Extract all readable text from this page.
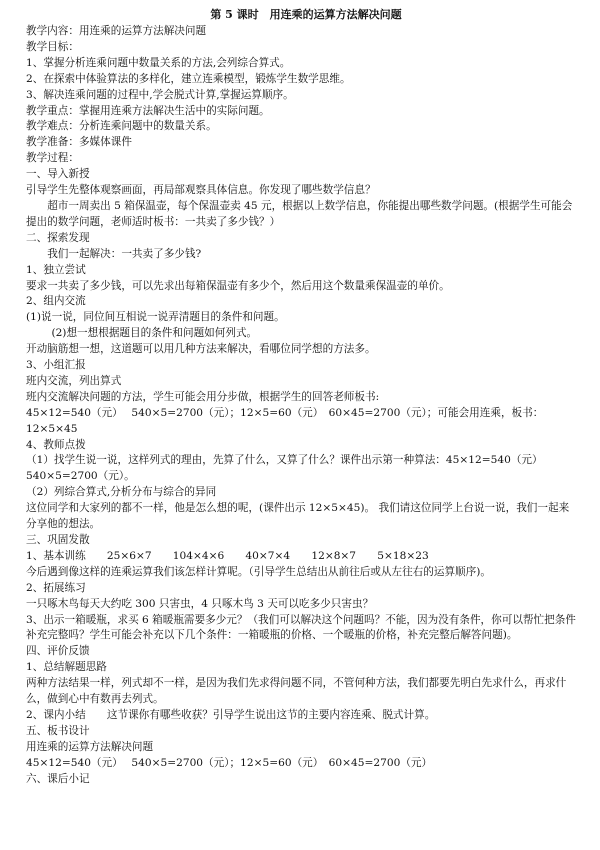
第 5 课时　用连乘的运算方法解决问题

教学内容：用连乘的运算方法解决问题

教学目标：

1、掌握分析连乘问题中数量关系的方法,会列综合算式。

2、在探索中体验算法的多样化，建立连乘模型，锻炼学生数学思维。

3、解决连乘问题的过程中,学会脱式计算,掌握运算顺序。

教学重点：掌握用连乘方法解决生活中的实际问题。

教学难点：分析连乘问题中的数量关系。

教学准备：多媒体课件

教学过程：

一、导入新授

引导学生先整体观察画面，再局部观察具体信息。你发现了哪些数学信息？

超市一周卖出 5 箱保温壶，每个保温壶卖 45 元，根据以上数学信息，你能提出哪些数学问题。(根据学生可能会提出的数学问题，老师适时板书：一共卖了多少钱？）

二、探索发现

我们一起解决：一共卖了多少钱?

1、独立尝试

要求一共卖了多少钱，可以先求出每箱保温壶有多少个，然后用这个数量乘保温壶的单价。

2、组内交流

(1)说一说，同位间互相说一说弄清题目的条件和问题。

(2)想一想根据题目的条件和问题如何列式。

开动脑筋想一想，这道题可以用几种方法来解决，看哪位同学想的方法多。

3、小组汇报

班内交流，列出算式

班内交流解决问题的方法，学生可能会用分步做，根据学生的回答老师板书:

45×12=540（元）　 540×5=2700（元）；12×5=60（元）　60×45=2700（元）；可能会用连乘，板书：12×5×45

4、教师点拨

（1）找学生说一说，这样列式的理由，先算了什么，又算了什么？课件出示第一种算法：45×12=540（元）　　540×5=2700（元）。

（2）列综合算式,分析分布与综合的异同

这位同学和大家列的都不一样，他是怎么想的呢，(课件出示 12×5×45)。 我们请这位同学上台说一说，我们一起来分享他的想法。

三、巩固发散

1、基本训练　　25×6×7　　104×4×6　　40×7×4　　12×8×7　　5×18×23

今后遇到像这样的连乘运算我们该怎样计算呢。（引导学生总结出从前往后或从左往右的运算顺序)。

2、拓展练习

一只啄木鸟每天大约吃 300 只害虫，4 只啄木鸟 3 天可以吃多少只害虫？

3、出示一箱暖瓶，求买 6 箱暖瓶需要多少元？（我们可以解决这个问题吗？不能，因为没有条件，你可以帮忙把条件补充完整吗？学生可能会补充以下几个条件：一箱暖瓶的价格、一个暖瓶的价格，补充完整后解答问题)。

四、评价反馈

1、总结解题思路

两种方法结果一样，列式却不一样，是因为我们先求得问题不同，不管何种方法，我们都要先明白先求什么，再求什么，做到心中有数再去列式。

2、课内小结　　这节课你有哪些收获？引导学生说出这节的主要内容连乘、脱式计算。

五、板书设计

用连乘的运算方法解决问题

45×12=540（元）　 540×5=2700（元）；12×5=60（元）　60×45=2700（元）

六、课后小记
